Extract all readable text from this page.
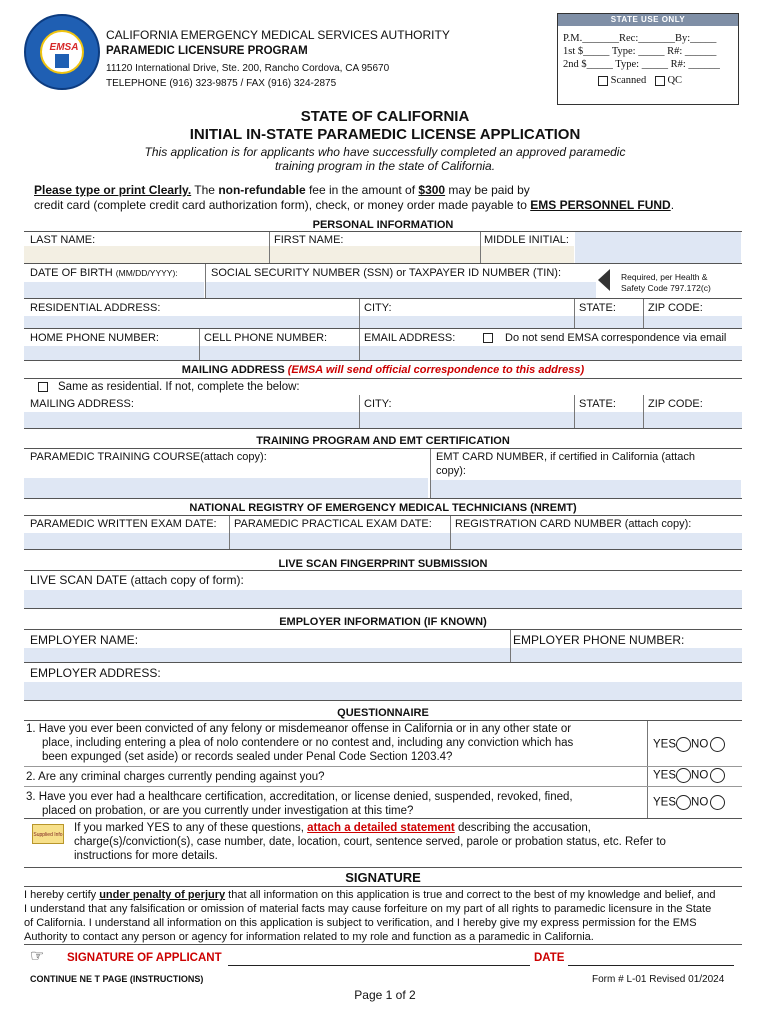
EMSA
CALIFORNIA EMERGENCY MEDICAL SERVICES AUTHORITY
PARAMEDIC LICENSURE PROGRAM
11120 International Drive, Ste. 200, Rancho Cordova, CA 95670
TELEPHONE (916) 323-9875 / FAX (916) 324-2875
STATE USE ONLY
P.M._______Rec:_______By:_____
1st $_____ Type: _____ R#: ______
2nd $_____ Type: _____ R#: ______
Scanned QC
STATE OF CALIFORNIA
INITIAL IN-STATE PARAMEDIC LICENSE APPLICATION
This application is for applicants who have successfully completed an approved paramedic
training program in the state of California.
Please type or print Clearly. The non-refundable fee in the amount of $300 may be paid by
credit card (complete credit card authorization form), check, or money order made payable to EMS PERSONNEL FUND.
PERSONAL INFORMATION
LAST NAME:	FIRST NAME:	MIDDLE INITIAL:
DATE OF BIRTH (MM/DD/YYYY):	SOCIAL SECURITY NUMBER (SSN) or TAXPAYER ID NUMBER (TIN):	Required, per Health &
Safety Code 797.172(c)
RESIDENTIAL ADDRESS:	CITY:	STATE:	ZIP CODE:
HOME PHONE NUMBER:	CELL PHONE NUMBER:	EMAIL ADDRESS:	Do not send EMSA correspondence via email
MAILING ADDRESS (EMSA will send official correspondence to this address)
Same as residential. If not, complete the below:
MAILING ADDRESS:	CITY:	STATE:	ZIP CODE:
TRAINING PROGRAM AND EMT CERTIFICATION
PARAMEDIC TRAINING COURSE(attach copy):	EMT CARD NUMBER, if certified in California (attach
copy):
NATIONAL REGISTRY OF EMERGENCY MEDICAL TECHNICIANS (NREMT)
PARAMEDIC WRITTEN EXAM DATE: PARAMEDIC PRACTICAL EXAM DATE: REGISTRATION CARD NUMBER (attach copy):
LIVE SCAN FINGERPRINT SUBMISSION
LIVE SCAN DATE (attach copy of form):
EMPLOYER INFORMATION (IF KNOWN)
EMPLOYER NAME:	EMPLOYER PHONE NUMBER:
EMPLOYER ADDRESS:
QUESTIONNAIRE
1. Have you ever been convicted of any felony or misdemeanor offense in California or in any other state or
place, including entering a plea of nolo contendere or no contest and, including any conviction which has
been expunged (set aside) or records sealed under Penal Code Section 1203.4?
YES NO
2. Are any criminal charges currently pending against you?	YES NO
3. Have you ever had a healthcare certification, accreditation, or license denied, suspended, revoked, fined,
placed on probation, or are you currently under investigation at this time?
YES NO
Supplied Info
If you marked YES to any of these questions, attach a detailed statement describing the accusation,
charge(s)/conviction(s), case number, date, location, court, sentence served, parole or probation status, etc. Refer to
instructions for more details.
SIGNATURE
I hereby certify under penalty of perjury that all information on this application is true and correct to the best of my knowledge and belief, and
I understand that any falsification or omission of material facts may cause forfeiture on my part of all rights to paramedic licensure in the State
of California. I understand all information on this application is subject to verification, and I hereby give my express permission for the EMS
Authority to contact any person or agency for information related to my role and function as a paramedic in California.
☞ SIGNATURE OF APPLICANT	DATE
CONTINUE NE T PAGE (INSTRUCTIONS)	Form # L-01 Revised 01/2024
Page 1 of 2
